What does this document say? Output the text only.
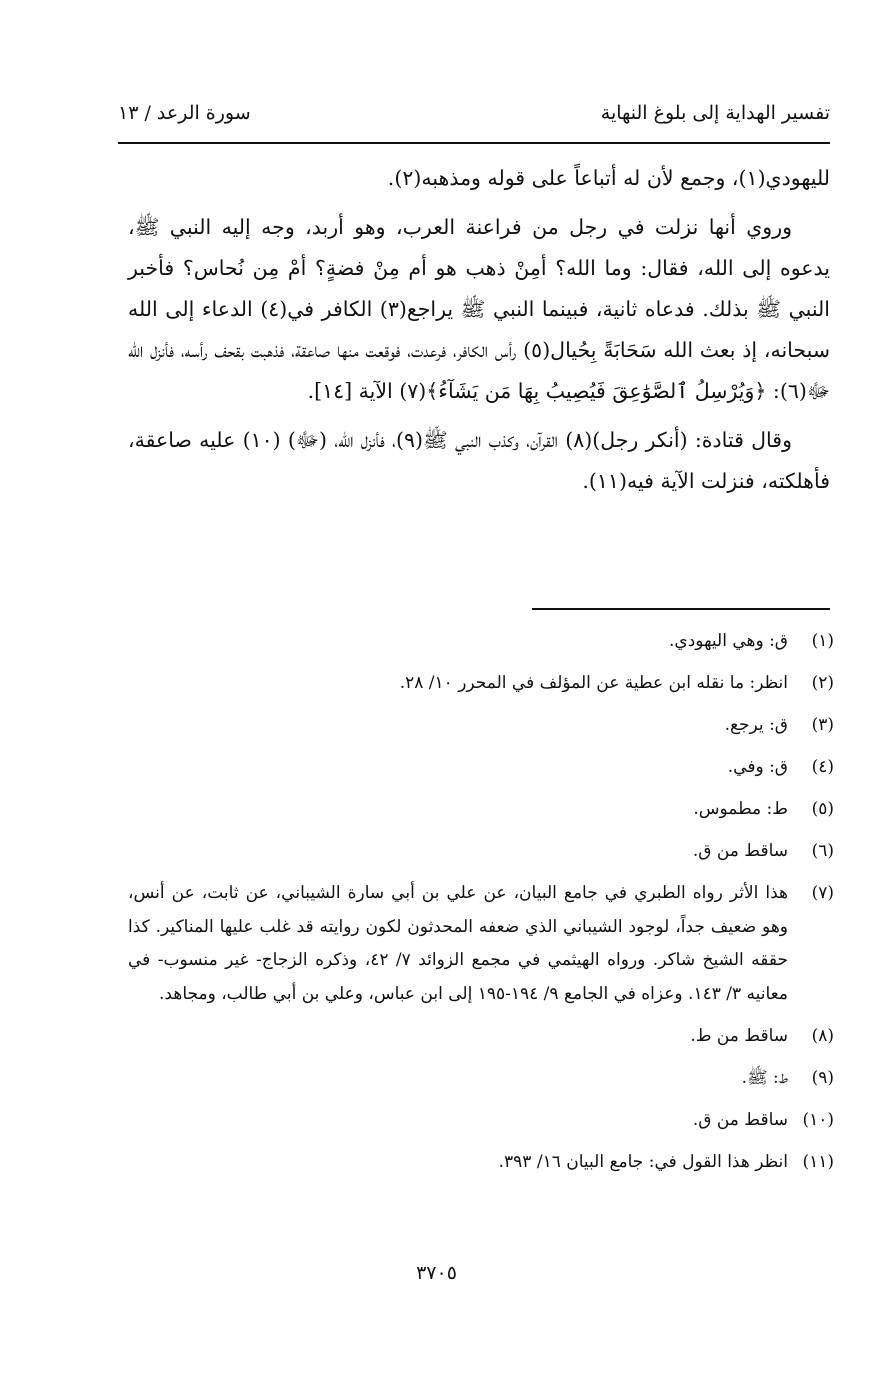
تفسير الهداية إلى بلوغ النهاية
سورة الرعد / ١٣

لليهودي(١)، وجمع لأن له أتباعاً على قوله ومذهبه(٢).

وروي أنها نزلت في رجل من فراعنة العرب، وهو أربد، وجه إليه النبي ﷺ، يدعوه إلى الله، فقال: وما الله؟ أمِنْ ذهب هو أم مِنْ فضةٍ؟ أمْ مِن نُحاس؟ فأخبر النبي ﷺ بذلك. فدعاه ثانية، فبينما النبي ﷺ يراجع(٣) الكافر في(٤) الدعاء إلى الله سبحانه، إذ بعث الله سَحَابَةً بِحُيال(٥) رأس الكافر، فرعدت، فوقعت منها صاعقة، فذهبت بقحف رأسه، فأنزل الله ﷻ(٦): ﴿وَيُرْسِلُ ٱلصَّوَٰعِقَ فَيُصِيبُ بِهَا مَن يَشَآءُ﴾(٧) الآية [١٤].

وقال قتادة: (أنكر رجل)(٨) القرآن، وكذب النبي ﷺ(٩)، فأنزل الله، (ﷻ) (١٠) عليه صاعقة، فأهلكته، فنزلت الآية فيه(١١).

(١)
ق: وهي اليهودي.
(٢)
انظر: ما نقله ابن عطية عن المؤلف في المحرر ١٠/ ٢٨.
(٣)
ق: يرجع.
(٤)
ق: وفي.
(٥)
ط: مطموس.
(٦)
ساقط من ق.
(٧)
هذا الأثر رواه الطبري في جامع البيان، عن علي بن أبي سارة الشيباني، عن ثابت، عن أنس، وهو ضعيف جداً، لوجود الشيباني الذي ضعفه المحدثون لكون روايته قد غلب عليها المناكير. كذا حققه الشيخ شاكر. ورواه الهيثمي في مجمع الزوائد ٧/ ٤٢، وذكره الزجاج- غير منسوب- في معانيه ٣/ ١٤٣. وعزاه في الجامع ٩/ ١٩٤-١٩٥ إلى ابن عباس، وعلي بن أبي طالب، ومجاهد.
(٨)
ساقط من ط.
(٩)
ط: ﷺ.
(١٠)
ساقط من ق.
(١١)
انظر هذا القول في: جامع البيان ١٦/ ٣٩٣.
٣٧٠٥
